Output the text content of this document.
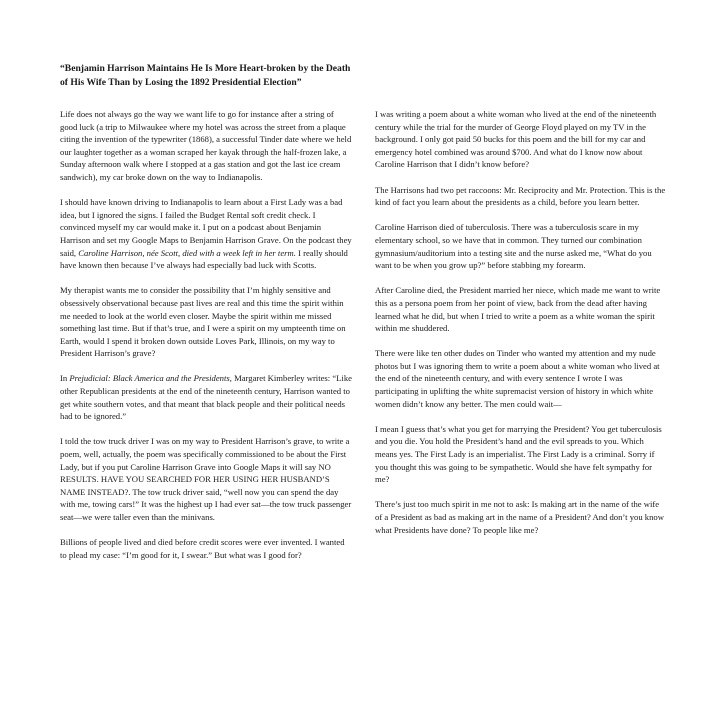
“Benjamin Harrison Maintains He Is More Heart-broken by the Death of His Wife Than by Losing the 1892 Presidential Election”

Life does not always go the way we want life to go for instance after a string of good luck (a trip to Milwaukee where my hotel was across the street from a plaque citing the invention of the typewriter (1868), a successful Tinder date where we held our laughter together as a woman scraped her kayak through the half-frozen lake, a Sunday afternoon walk where I stopped at a gas station and got the last ice cream sandwich), my car broke down on the way to Indianapolis.

I should have known driving to Indianapolis to learn about a First Lady was a bad idea, but I ignored the signs. I failed the Budget Rental soft credit check. I convinced myself my car would make it. I put on a podcast about Benjamin Harrison and set my Google Maps to Benjamin Harrison Grave. On the podcast they said, Caroline Harrison, née Scott, died with a week left in her term. I really should have known then because I’ve always had especially bad luck with Scotts.

My therapist wants me to consider the possibility that I’m highly sensitive and obsessively observational because past lives are real and this time the spirit within me needed to look at the world even closer. Maybe the spirit within me missed something last time. But if that’s true, and I were a spirit on my umpteenth time on Earth, would I spend it broken down outside Loves Park, Illinois, on my way to President Harrison’s grave?

In Prejudicial: Black America and the Presidents, Margaret Kimberley writes: “Like other Republican presidents at the end of the nineteenth century, Harrison wanted to get white southern votes, and that meant that black people and their political needs had to be ignored.”

I told the tow truck driver I was on my way to President Harrison’s grave, to write a poem, well, actually, the poem was specifically commissioned to be about the First Lady, but if you put Caroline Harrison Grave into Google Maps it will say NO RESULTS. HAVE YOU SEARCHED FOR HER USING HER HUSBAND’S NAME INSTEAD?. The tow truck driver said, “well now you can spend the day with me, towing cars!” It was the highest up I had ever sat—the tow truck passenger seat—we were taller even than the minivans.

Billions of people lived and died before credit scores were ever invented. I wanted to plead my case: “I’m good for it, I swear.” But what was I good for?

I was writing a poem about a white woman who lived at the end of the nineteenth century while the trial for the murder of George Floyd played on my TV in the background. I only got paid 50 bucks for this poem and the bill for my car and emergency hotel combined was around $700. And what do I know now about Caroline Harrison that I didn’t know before?

The Harrisons had two pet raccoons: Mr. Reciprocity and Mr. Protection. This is the kind of fact you learn about the presidents as a child, before you learn better.

Caroline Harrison died of tuberculosis. There was a tuberculosis scare in my elementary school, so we have that in common. They turned our combination gymnasium/auditorium into a testing site and the nurse asked me, “What do you want to be when you grow up?” before stabbing my forearm.

After Caroline died, the President married her niece, which made me want to write this as a persona poem from her point of view, back from the dead after having learned what he did, but when I tried to write a poem as a white woman the spirit within me shuddered.

There were like ten other dudes on Tinder who wanted my attention and my nude photos but I was ignoring them to write a poem about a white woman who lived at the end of the nineteenth century, and with every sentence I wrote I was participating in uplifting the white supremacist version of history in which white women didn’t know any better. The men could wait—

I mean I guess that’s what you get for marrying the President? You get tuberculosis and you die. You hold the President’s hand and the evil spreads to you. Which means yes. The First Lady is an imperialist. The First Lady is a criminal. Sorry if you thought this was going to be sympathetic. Would she have felt sympathy for me?

There’s just too much spirit in me not to ask: Is making art in the name of the wife of a President as bad as making art in the name of a President? And don’t you know what Presidents have done? To people like me?
